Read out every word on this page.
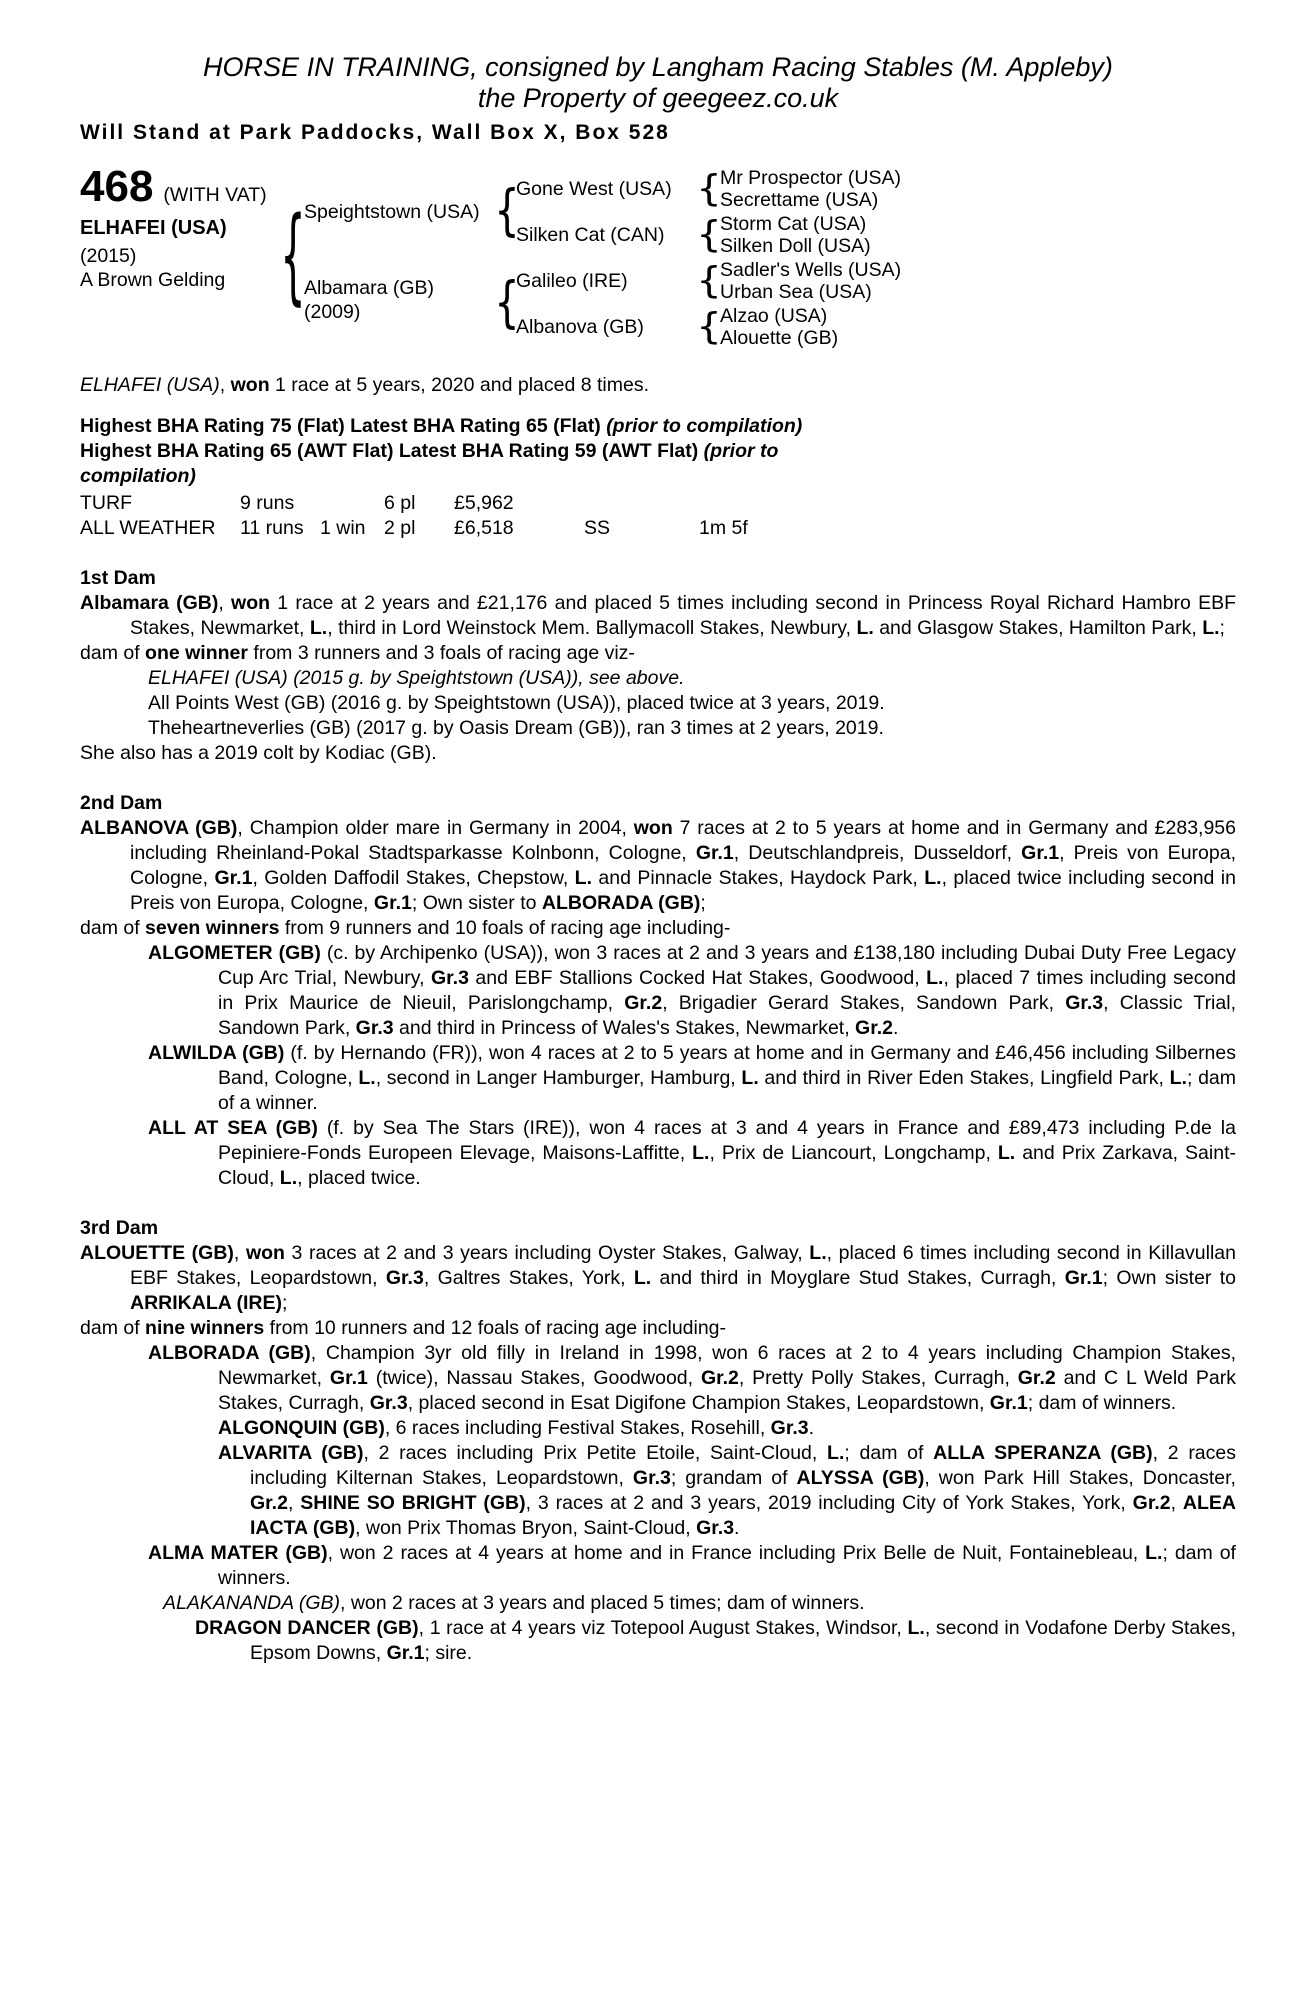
HORSE IN TRAINING, consigned by Langham Racing Stables (M. Appleby)

the Property of geegeez.co.uk

Will Stand at Park Paddocks, Wall Box X, Box 528

468 (WITH VAT)
ELHAFEI (USA)
(2015)
A Brown Gelding {
Speightstown (USA)
Albamara (GB)
(2009)
{
{
Gone West (USA)
Silken Cat (CAN)
Galileo (IRE)
Albanova (GB)
{
{
{
{
Mr Prospector (USA)
Secrettame (USA)
Storm Cat (USA)
Silken Doll (USA)
Sadler's Wells (USA)
Urban Sea (USA)
Alzao (USA)
Alouette (GB)

ELHAFEI (USA), won 1 race at 5 years, 2020 and placed 8 times.

Highest BHA Rating 75 (Flat) Latest BHA Rating 65 (Flat) (prior to compilation)

Highest BHA Rating 65 (AWT Flat) Latest BHA Rating 59 (AWT Flat) (prior to

compilation)

TURF	9 runs	6 pl	£5,962
ALL WEATHER	11 runs 1 win 2 pl	£6,518	SS	1m 5f

1st Dam

Albamara (GB), won 1 race at 2 years and £21,176 and placed 5 times including second in Princess Royal Richard Hambro EBF Stakes, Newmarket, L., third in Lord Weinstock Mem. Ballymacoll Stakes, Newbury, L. and Glasgow Stakes, Hamilton Park, L.;

dam of one winner from 3 runners and 3 foals of racing age viz-

ELHAFEI (USA) (2015 g. by Speightstown (USA)), see above.

All Points West (GB) (2016 g. by Speightstown (USA)), placed twice at 3 years, 2019.

Theheartneverlies (GB) (2017 g. by Oasis Dream (GB)), ran 3 times at 2 years, 2019.

She also has a 2019 colt by Kodiac (GB).

2nd Dam

ALBANOVA (GB), Champion older mare in Germany in 2004, won 7 races at 2 to 5 years at home and in Germany and £283,956 including Rheinland-Pokal Stadtsparkasse Kolnbonn, Cologne, Gr.1, Deutschlandpreis, Dusseldorf, Gr.1, Preis von Europa, Cologne, Gr.1, Golden Daffodil Stakes, Chepstow, L. and Pinnacle Stakes, Haydock Park, L., placed twice including second in Preis von Europa, Cologne, Gr.1; Own sister to ALBORADA (GB);

dam of seven winners from 9 runners and 10 foals of racing age including-

ALGOMETER (GB) (c. by Archipenko (USA)), won 3 races at 2 and 3 years and £138,180 including Dubai Duty Free Legacy Cup Arc Trial, Newbury, Gr.3 and EBF Stallions Cocked Hat Stakes, Goodwood, L., placed 7 times including second in Prix Maurice de Nieuil, Parislongchamp, Gr.2, Brigadier Gerard Stakes, Sandown Park, Gr.3, Classic Trial, Sandown Park, Gr.3 and third in Princess of Wales's Stakes, Newmarket, Gr.2.

ALWILDA (GB) (f. by Hernando (FR)), won 4 races at 2 to 5 years at home and in Germany and £46,456 including Silbernes Band, Cologne, L., second in Langer Hamburger, Hamburg, L. and third in River Eden Stakes, Lingfield Park, L.; dam of a winner.

ALL AT SEA (GB) (f. by Sea The Stars (IRE)), won 4 races at 3 and 4 years in France and £89,473 including P.de la Pepiniere-Fonds Europeen Elevage, Maisons-Laffitte, L., Prix de Liancourt, Longchamp, L. and Prix Zarkava, Saint-Cloud, L., placed twice.

3rd Dam

ALOUETTE (GB), won 3 races at 2 and 3 years including Oyster Stakes, Galway, L., placed 6 times including second in Killavullan EBF Stakes, Leopardstown, Gr.3, Galtres Stakes, York, L. and third in Moyglare Stud Stakes, Curragh, Gr.1; Own sister to ARRIKALA (IRE);

dam of nine winners from 10 runners and 12 foals of racing age including-

ALBORADA (GB), Champion 3yr old filly in Ireland in 1998, won 6 races at 2 to 4 years including Champion Stakes, Newmarket, Gr.1 (twice), Nassau Stakes, Goodwood, Gr.2, Pretty Polly Stakes, Curragh, Gr.2 and C L Weld Park Stakes, Curragh, Gr.3, placed second in Esat Digifone Champion Stakes, Leopardstown, Gr.1; dam of winners.

ALGONQUIN (GB), 6 races including Festival Stakes, Rosehill, Gr.3.

ALVARITA (GB), 2 races including Prix Petite Etoile, Saint-Cloud, L.; dam of ALLA SPERANZA (GB), 2 races including Kilternan Stakes, Leopardstown, Gr.3; grandam of ALYSSA (GB), won Park Hill Stakes, Doncaster, Gr.2, SHINE SO BRIGHT (GB), 3 races at 2 and 3 years, 2019 including City of York Stakes, York, Gr.2, ALEA IACTA (GB), won Prix Thomas Bryon, Saint-Cloud, Gr.3.

ALMA MATER (GB), won 2 races at 4 years at home and in France including Prix Belle de Nuit, Fontainebleau, L.; dam of winners.

ALAKANANDA (GB), won 2 races at 3 years and placed 5 times; dam of winners.

DRAGON DANCER (GB), 1 race at 4 years viz Totepool August Stakes, Windsor, L., second in Vodafone Derby Stakes, Epsom Downs, Gr.1; sire.
